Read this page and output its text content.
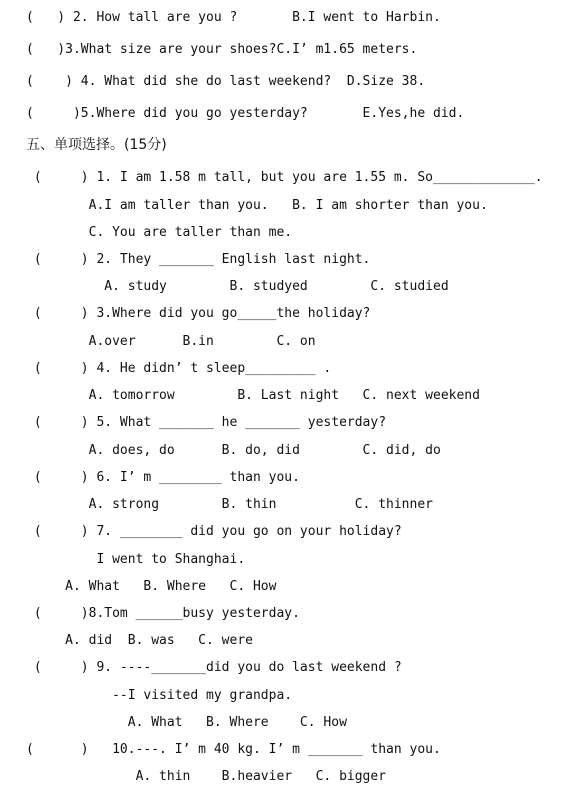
(   ) 2. How tall are you ?       B.I went to Harbin.
(   )3.What size are your shoes?C.I’ m1.65 meters.
(    ) 4. What did she do last weekend?  D.Size 38.
(     )5.Where did you go yesterday?       E.Yes,he did.
五、单项选择。(15分)
(     ) 1. I am 1.58 m tall, but you are 1.55 m. So_____________.
A.I am taller than you.   B. I am shorter than you.
C. You are taller than me.
(     ) 2. They _______ English last night.
A. study        B. studyed        C. studied
(     ) 3.Where did you go_____the holiday?
A.over      B.in        C. on
(     ) 4. He didn’ t sleep_________ .
A. tomorrow        B. Last night   C. next weekend
(     ) 5. What _______ he _______ yesterday?
A. does, do      B. do, did        C. did, do
(     ) 6. I’ m ________ than you.
A. strong        B. thin          C. thinner
(     ) 7. ________ did you go on your holiday?
I went to Shanghai.
A. What   B. Where   C. How
(     )8.Tom ______busy yesterday.
A. did  B. was   C. were
(     ) 9. ----_______did you do last weekend ?
--I visited my grandpa.
A. What   B. Where    C. How
(      )   10.---. I’ m 40 kg. I’ m _______ than you.
A. thin    B.heavier   C. bigger
